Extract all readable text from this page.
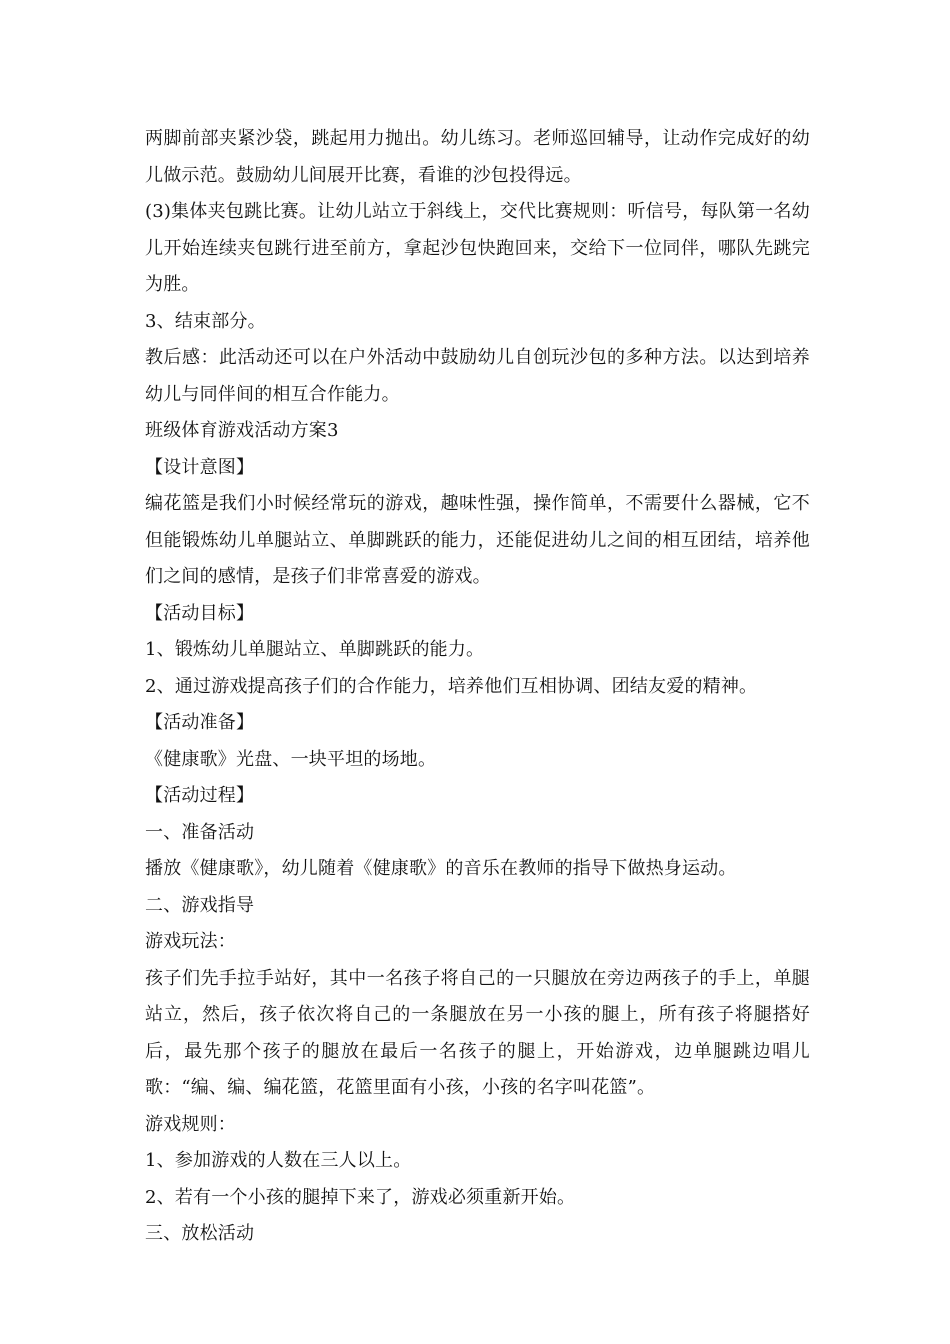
两脚前部夹紧沙袋，跳起用力抛出。幼儿练习。老师巡回辅导，让动作完成好的幼儿做示范。鼓励幼儿间展开比赛，看谁的沙包投得远。

(3)集体夹包跳比赛。让幼儿站立于斜线上，交代比赛规则：听信号，每队第一名幼儿开始连续夹包跳行进至前方，拿起沙包快跑回来，交给下一位同伴，哪队先跳完为胜。

3、结束部分。

教后感：此活动还可以在户外活动中鼓励幼儿自创玩沙包的多种方法。以达到培养幼儿与同伴间的相互合作能力。

班级体育游戏活动方案3

【设计意图】

编花篮是我们小时候经常玩的游戏，趣味性强，操作简单，不需要什么器械，它不但能锻炼幼儿单腿站立、单脚跳跃的能力，还能促进幼儿之间的相互团结，培养他们之间的感情，是孩子们非常喜爱的游戏。

【活动目标】

1、锻炼幼儿单腿站立、单脚跳跃的能力。

2、通过游戏提高孩子们的合作能力，培养他们互相协调、团结友爱的精神。

【活动准备】

《健康歌》光盘、一块平坦的场地。

【活动过程】

一、准备活动

播放《健康歌》，幼儿随着《健康歌》的音乐在教师的指导下做热身运动。

二、游戏指导

游戏玩法：

孩子们先手拉手站好，其中一名孩子将自己的一只腿放在旁边两孩子的手上，单腿站立，然后，孩子依次将自己的一条腿放在另一小孩的腿上，所有孩子将腿搭好后，最先那个孩子的腿放在最后一名孩子的腿上，开始游戏，边单腿跳边唱儿歌：“编、编、编花篮，花篮里面有小孩，小孩的名字叫花篮”。

游戏规则：

1、参加游戏的人数在三人以上。

2、若有一个小孩的腿掉下来了，游戏必须重新开始。

三、放松活动
